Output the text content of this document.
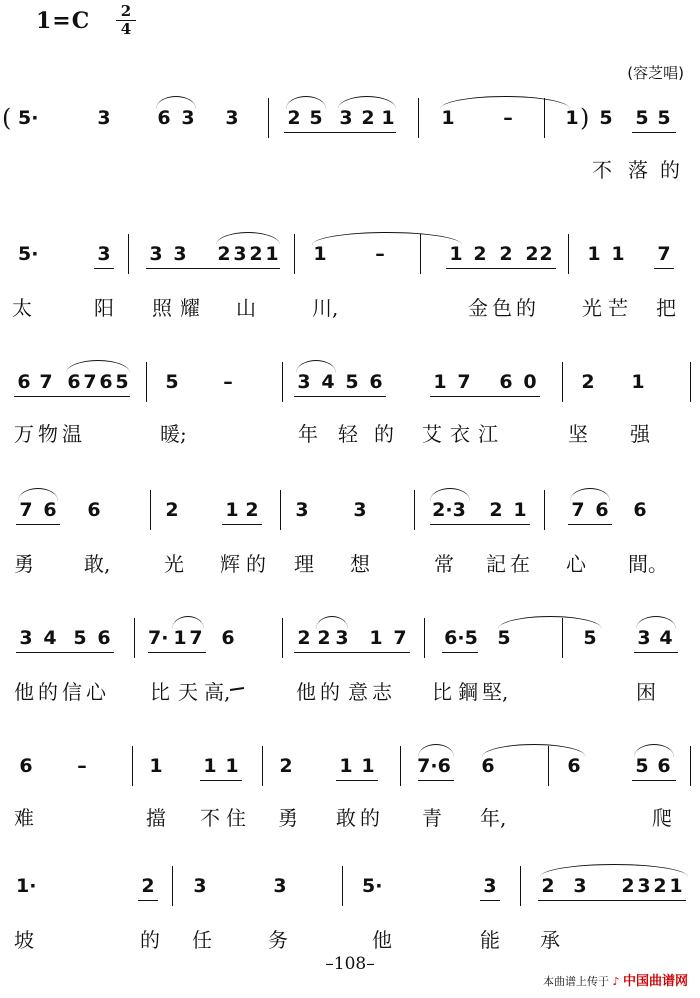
1=C	2
4
(容芝唱)
( 5·	3 6 3 3	2 5 3 2 1 1	–	1 ) 5 5 5
不 落 的
5·	3 3 3 2 3 2 1 1	–	1 2 2 2 2 1 1 7
太	阳 照 耀 山	川,	金 色 的 光 芒 把
6 7 6 7 6 5 5 –	3 4 5 6	1 7 6 0 2 1
万 物 温	暖;	年 轻 的 艾 衣 江	坚 强
7 6 6	2 1 2 3 3	2·3	2 1 7 6 6
勇	敢,	光 辉 的 理 想	常 記 在 心 間。
3 4 5 6 7· 1 7 6	2 2 3 1 7 6·5 5	5 3 4
他 的 信 心 比 天 高,	他 的 意 志 比 鋼 堅,	困
6 –	1 1 1 2 1 1 7·6 6	6	5 6
难	擋 不 住 勇 敢 的 青 年,	爬
1·	2 3	3	5·	3 2 3 2 3 2 1
坡	的 任	务	他	能 承
–108–
本曲谱上传于 ♪ 中国曲谱网
